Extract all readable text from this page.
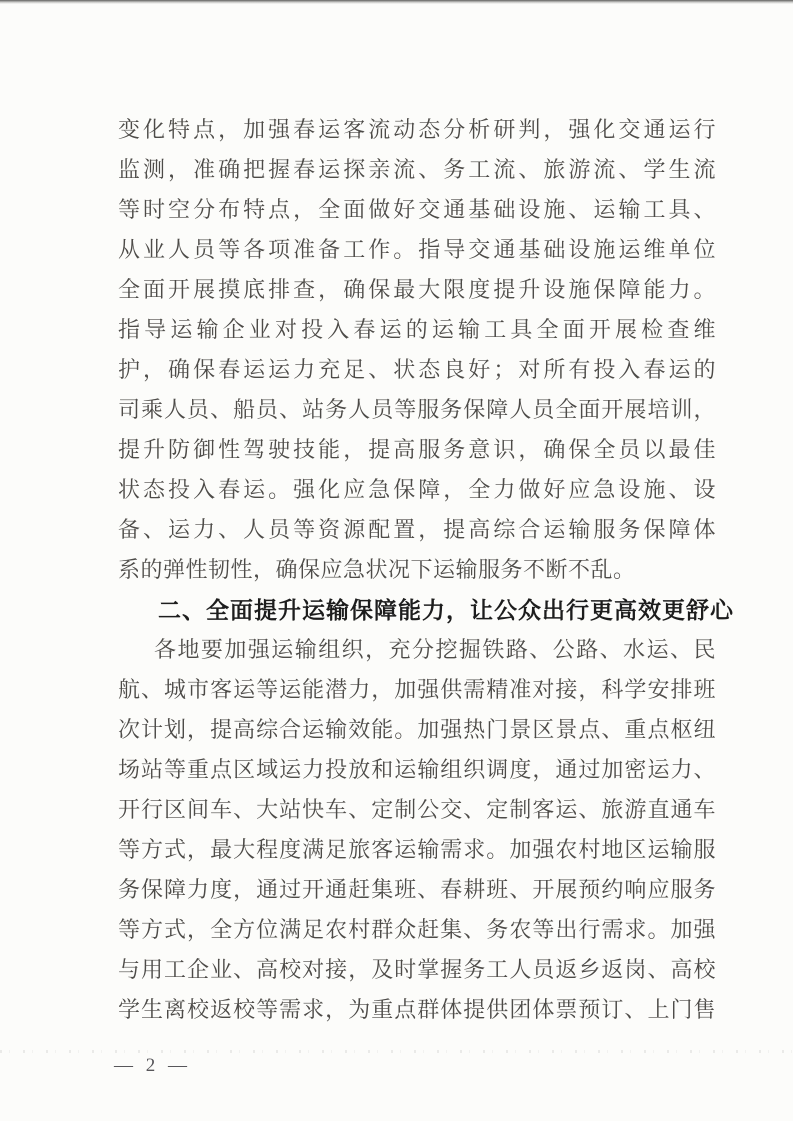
变化特点，加强春运客流动态分析研判，强化交通运行
监测，准确把握春运探亲流、务工流、旅游流、学生流
等时空分布特点，全面做好交通基础设施、运输工具、
从业人员等各项准备工作。指导交通基础设施运维单位
全面开展摸底排查，确保最大限度提升设施保障能力。
指导运输企业对投入春运的运输工具全面开展检查维
护，确保春运运力充足、状态良好；对所有投入春运的
司乘人员、船员、站务人员等服务保障人员全面开展培训，
提升防御性驾驶技能，提高服务意识，确保全员以最佳
状态投入春运。强化应急保障，全力做好应急设施、设
备、运力、人员等资源配置，提高综合运输服务保障体
系的弹性韧性，确保应急状况下运输服务不断不乱。
二、全面提升运输保障能力，让公众出行更高效更舒心
各地要加强运输组织，充分挖掘铁路、公路、水运、民
航、城市客运等运能潜力，加强供需精准对接，科学安排班
次计划，提高综合运输效能。加强热门景区景点、重点枢纽
场站等重点区域运力投放和运输组织调度，通过加密运力、
开行区间车、大站快车、定制公交、定制客运、旅游直通车
等方式，最大程度满足旅客运输需求。加强农村地区运输服
务保障力度，通过开通赶集班、春耕班、开展预约响应服务
等方式，全方位满足农村群众赶集、务农等出行需求。加强
与用工企业、高校对接，及时掌握务工人员返乡返岗、高校
学生离校返校等需求，为重点群体提供团体票预订、上门售
— 2 —
